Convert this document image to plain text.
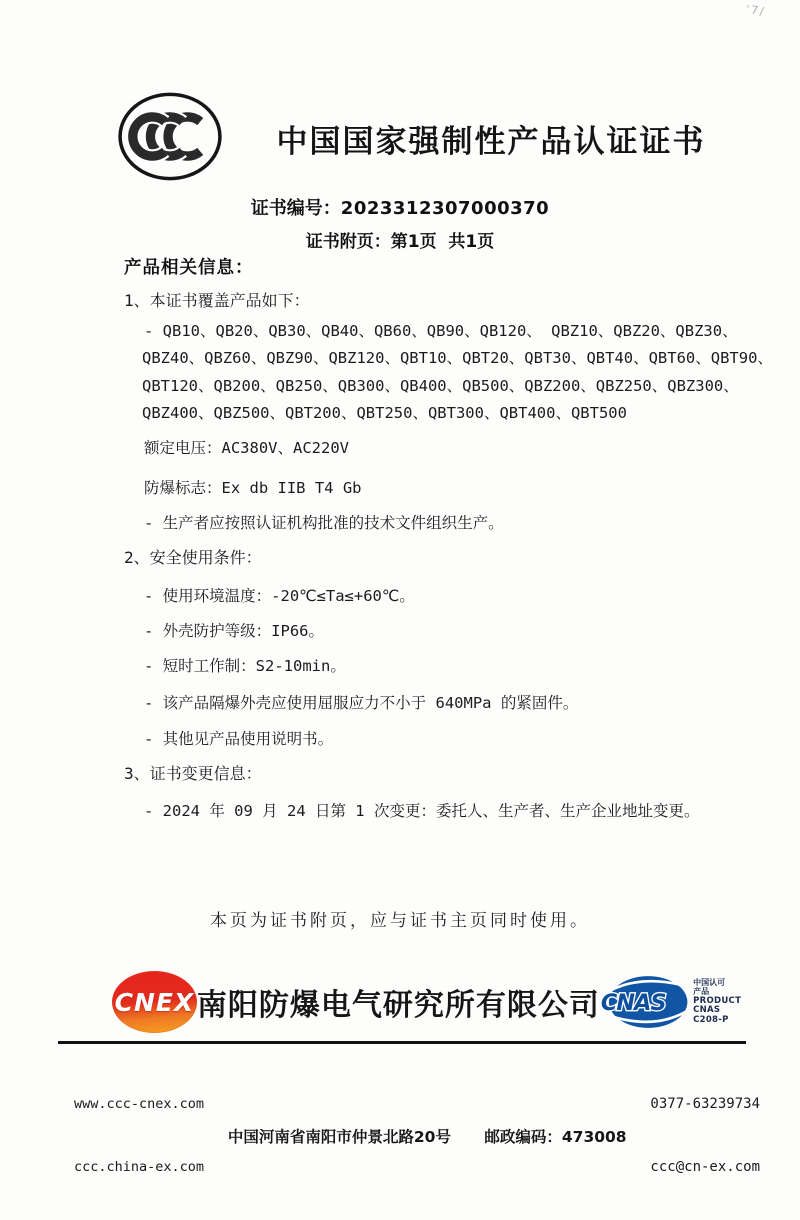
'7/
中国国家强制性产品认证证书
证书编号：2023312307000370
证书附页：第1页  共1页
产品相关信息：
1、本证书覆盖产品如下：
- QB10、QB20、QB30、QB40、QB60、QB90、QB120、 QBZ10、QBZ20、QBZ30、
QBZ40、QBZ60、QBZ90、QBZ120、QBT10、QBT20、QBT30、QBT40、QBT60、QBT90、
QBT120、QB200、QB250、QB300、QB400、QB500、QBZ200、QBZ250、QBZ300、
QBZ400、QBZ500、QBT200、QBT250、QBT300、QBT400、QBT500
额定电压：AC380V、AC220V
防爆标志：Ex db IIB T4 Gb
- 生产者应按照认证机构批准的技术文件组织生产。
2、安全使用条件：
- 使用环境温度：-20℃≤Ta≤+60℃。
- 外壳防护等级：IP66。
- 短时工作制：S2-10min。
- 该产品隔爆外壳应使用屈服应力不小于 640MPa 的紧固件。
- 其他见产品使用说明书。
3、证书变更信息：
- 2024 年 09 月 24 日第 1 次变更：委托人、生产者、生产企业地址变更。
本页为证书附页，应与证书主页同时使用。
CNEX 南阳防爆电气研究所有限公司 CNAS
中国认可
产品
PRODUCT
CNAS C208-P

www.ccc-cnex.com

ccc.china-ex.com

中国河南省南阳市仲景北路20号 邮政编码：473008

0377-63239734

ccc@cn-ex.com
